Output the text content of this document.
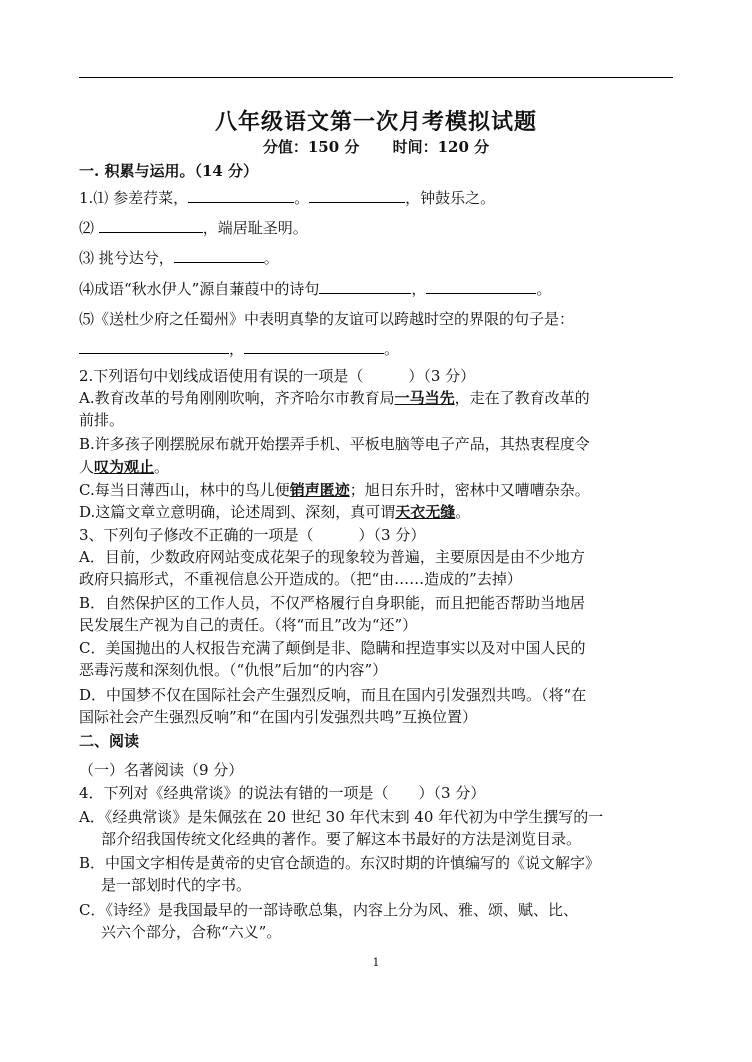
八年级语文第一次月考模拟试题
分值：150 分 时间：120 分
一. 积累与运用。（14 分）
1.⑴ 参差荇菜，	。	，钟鼓乐之。
⑵	，端居耻圣明。
⑶ 挑兮达兮，	。
⑷成语“秋水伊人”源自蒹葭中的诗句	，	。
⑸《送杜少府之任蜀州》中表明真挚的友谊可以跨越时空的界限的句子是：
，	。
2.下列语句中划线成语使用有误的一项是（　　　）（3 分）
A.教育改革的号角刚刚吹响，齐齐哈尔市教育局一马当先，走在了教育改革的
前排。
B.许多孩子刚摆脱尿布就开始摆弄手机、平板电脑等电子产品，其热衷程度令
人叹为观止。
C.每当日薄西山，林中的鸟儿便销声匿迹；旭日东升时，密林中又嘈嘈杂杂。
D.这篇文章立意明确，论述周到、深刻，真可谓天衣无缝。
3、下列句子修改不正确的一项是（　　　）（3 分）
A．目前，少数政府网站变成花架子的现象较为普遍，主要原因是由不少地方
政府只搞形式，不重视信息公开造成的。（把“由……造成的”去掉）
B．自然保护区的工作人员，不仅严格履行自身职能，而且把能否帮助当地居
民发展生产视为自己的责任。（将“而且”改为“还”）
C．美国抛出的人权报告充满了颠倒是非、隐瞒和捏造事实以及对中国人民的
恶毒污蔑和深刻仇恨。（“仇恨”后加“的内容”）
D．中国梦不仅在国际社会产生强烈反响，而且在国内引发强烈共鸣。（将“在
国际社会产生强烈反响”和“在国内引发强烈共鸣”互换位置）
二、阅读
（一）名著阅读（9 分）
4．下列对《经典常谈》的说法有错的一项是（　　）（3 分）
A．《经典常谈》是朱佩弦在 20 世纪 30 年代末到 40 年代初为中学生撰写的一
部介绍我国传统文化经典的著作。要了解这本书最好的方法是浏览目录。
B．中国文字相传是黄帝的史官仓颉造的。东汉时期的许慎编写的《说文解字》
是一部划时代的字书。
C．《诗经》是我国最早的一部诗歌总集，内容上分为风、雅、颂、赋、比、
兴六个部分，合称“六义”。
1
